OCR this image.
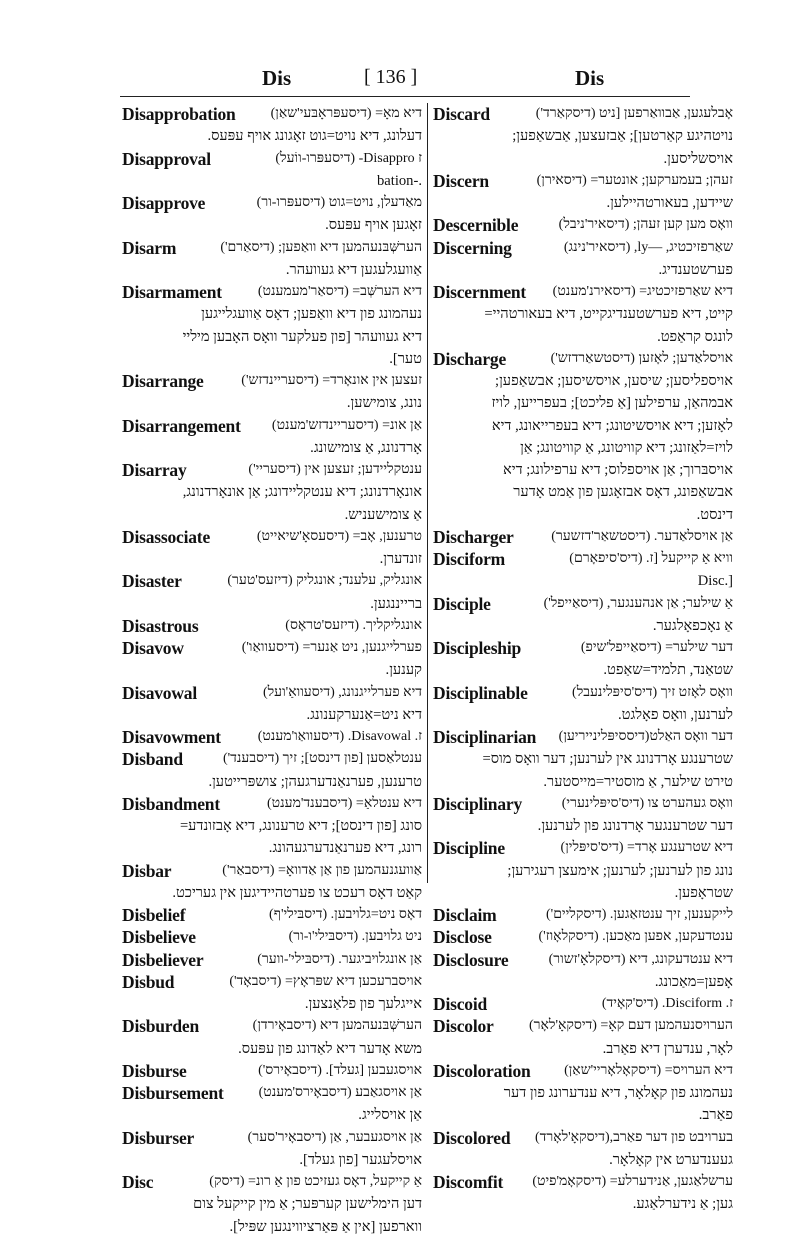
Dis	[ 136 ]	Dis
Disapprobation	דיא מאָ= (דיסעפּראָבּעי'שאַן)
דעלונג, דיא נויט=גוט זאָגונג אויף עפּעס.
Disapproval	ז Disappro- (דיסעפּרו-ווֹעל)
.-bation
Disapprove	מאַדעלן, נויט=גוט (דיסעפּרו-ור)
זאָגען אויף עפּעס.
Disarm	הערשְּׁבּנעהמען דיא וואַפען; (דיסאַרם')
אַוועגלעגען דיא געוועהר.
Disarmament	דיא הערשְּׁב= (דיסאַר'מעמענט)
נעהמונג פון דיא וואַפען; דאָס אַוועגלייגען
דיא געוועהר [פון פעלקער וואָס האָבען מיליי
טער].
Disarrange	זעצען אין אונאָרד= (דיסעריינדזש')
נונג, צומישען.
Disarrangement אַן אונ= (דיסעריינדזש'מענט)
אָרדנונג, אַ צומישונג.
Disarray	ענטקליידען; זעצען אין (דיסעריי')
אונאָרדנונג; דיא ענטקליידונג; אַן אונאָרדנונג,
אַ צומישעניש.
Disassociate	טרענען, אָב= (דיסעסאָ'שיאייט)
זונדערן.
Disaster	אונגליק, עלענד; אונגליק (דיזעס'טער)
ברייננגען.
Disastrous	אונגליקליך. (דיזעס'טראָס)
Disavow	פערלייגנען, ניט אַנער= (דיסעוואַו')
קענען.
Disavowal	דיא פערלייגנונג, (דיסעוואַ'ועל)
דיא ניט=אַנערקענונג.
Disavowment	ז. Disavowal. (דיסעוואַו'מענט)
Disband	ענטלאַסען [פון דינסט]; זיך (דיסבענד')
טרענען, פערנאַנדערגעהן; צושפּרייטען.
Disbandment	דיא ענטלאַ= (דיסבענד'מענט)
סונג [פון דינסט]; דיא טרענונג, דיא אָבזונדע=
רונג, דיא פערנאַנדערגעהונג.
Disbar	אַוועגנעהמען פון אַן אַדוואָ= (דיסבאַר')
קאַט דאָס רעכט צו פערטהיידיגען אין געריכט.
Disbelief	דאָס ניט=גלויבען. (דיסבּילי'ף)
Disbelieve	ניט גלויבען. (דיסבּילי'ו-ור)
Disbeliever	אַן אונגלויביגער. (דיסבּילי'-ווער)
Disbud	אויסברעכען דיא שפּראָץ= (דיסבאָד')
אייגלעך פון פלאַנצען.
Disburden	הערשְּׁבּנעהמען דיא (דיסבאָירדן)
משא אָדער דיא לאַדונג פון עפּעס.
Disburse	אויסגעבען [געלד]. (דיסבאָירס')
Disbursement אַן אויסגאַבע (דיסבאָירס'מענט)
אַן אויסלייג.
Disburser	אַן אויסגעבער, אַן (דיסבאָיר'סער)
אויסלעגער [פון געלד].
Disc	אַ קייקעל, דאָס געזיכט פון אַ רונ= (דיסק)
דען הימלישען קערפּער; אַ מין קייקעל צום
ווארפען [אין אַ פּאַרציווינגען שפּיל].
Discard	אָבלעגען, אַבוואַרפען [ניט (דיסקאַרד')
נויטהיגע קאַרטען]; אַבזעצען, אַבשאַפען;
אויסשליסען.
Discern	זעהן; בעמערקען; אונטער= (דיסאירן)
שיידען, בעאורטהיילען.
Descernible	וואָס מען קען זעהן; (דיסאיר'ניבל)
Discerning	שאַרפזיכטיג, —ly, (דיסאיר'נינג)
פערשטענדיג.
Discernment דיא שאַרפזיכטיג= (דיסאירנ'מענט)
קייט, דיא פערשטענדיגקייט, דיא בעאורטהיי=
לונגס קראַפט.
Discharge	אויסלאַדען; לאָזען (דיסטשאַרדזש')
אויספליסען; שיסען, אויסשיסען; אבשאַפען;
אבמהאַן, ערפילען [אַ פליכט]; בעפרייען, לויז
לאָזען; דיא אויסשיטונג; דיא בעפרייאונג, דיא
לויז=לאַזונג; דיא קוויטונג, אַ קוויטונג; אַן
אויסבּרוך; אַן אויספלוס; דיא ערפילונג; דיא
אבשאַפונג, דאָס אבזאָגען פון אַמט אָדער
דינסט.
Discharger	אַן אויסלאַדער. (דיסטשאַר'דזשער)
Disciform	וויא אַ קייקעל [ז. (דיס'סיפאָרם)
[.Disc
Disciple	אַ שילער; אַן אנהענגער, (דיסאַייפל')
אַ נאָכפאָלגער.
Discipleship	דער שילער= (דיסאַייפל'שיפ)
שטאַנד, תלמיד=שאַפט.
Disciplinable	וואָס לאָזט זיך (דיס'סיפּלינעבל)
לערנען, וואָס פאָלגט.
Disciplinarian דער וואָס האַלט(דיססיפּלינייריען)
שטרענגע אָרדנונג אין לערנען; דער וואָס מוס=
טירט שילער, אַ מוסטיר=מייסטער.
Disciplinary	וואָס געהערט צו (דיס'סיפּלינערי)
דער שטרענגער אָרדנונג פון לערנען.
Discipline	דיא שטרענגע אָרד= (דיס'סיפּלין)
נונג פון לערנען; לערנען; אימעצן רעגירען;
שטראָפען.
Disclaim	לייקענען, זיך ענטזאַגען. (דיסקליים')
Disclose	ענטדעקען, אפען מאַכען. (דיסקלאָוז')
Disclosure	דיא ענטדעקונג, דיא (דיסקלאָ'זשור)
אָפען=מאַכונג.
Discoid	ז. Disciform. (דיס'קאָיד)
Discolor	הערויסנעהמען דעם קאָ= (דיסקאָ'לאָר)
לאָר, ענדערן דיא פאַרב.
Discoloration דיא הערויס= (דיסקאָלאָריי'שאַן)
נעהמונג פון קאָלאָר, דיא ענדערונג פון דער
פאַרב.
Discolored בערויבט פון דער פאַרב,(דיסקאָ'לאָרד)
געענדערט אין קאָלאָר.
Discomfit ערשלאַגען, אַנידערלע= (דיסקאָמ'פיט)
גען; אַ נידערלאַגע.
